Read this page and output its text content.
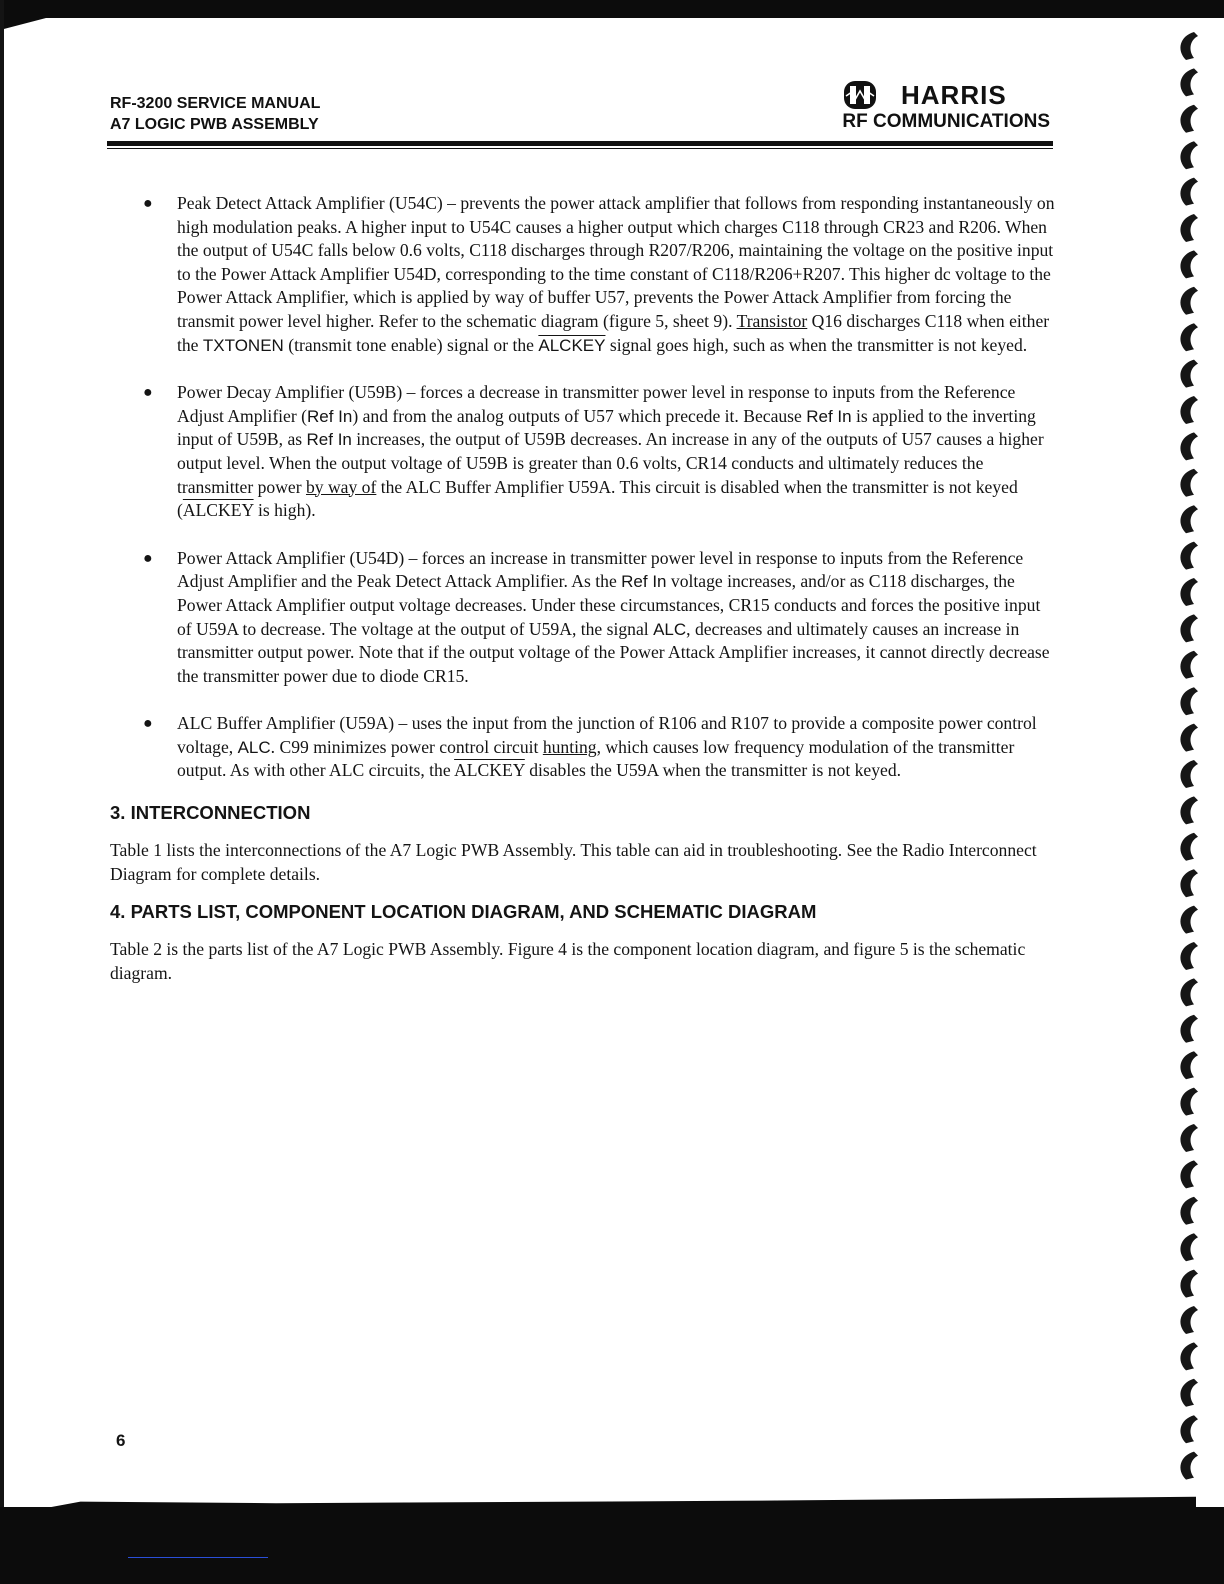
RF-3200 SERVICE MANUAL
A7 LOGIC PWB ASSEMBLY
HARRIS
RF COMMUNICATIONS
● Peak Detect Attack Amplifier (U54C) – prevents the power attack amplifier that follows from responding instantaneously on high modulation peaks. A higher input to U54C causes a higher output which charges C118 through CR23 and R206. When the output of U54C falls below 0.6 volts, C118 discharges through R207/R206, maintaining the voltage on the positive input to the Power Attack Amplifier U54D, corresponding to the time constant of C118/R206+R207. This higher dc voltage to the Power Attack Amplifier, which is applied by way of buffer U57, prevents the Power Attack Amplifier from forcing the transmit power level higher. Refer to the schematic diagram (figure 5, sheet 9). Transistor Q16 discharges C118 when either the TXTONEN (transmit tone enable) signal or the ALCKEY signal goes high, such as when the transmitter is not keyed.
● Power Decay Amplifier (U59B) – forces a decrease in transmitter power level in response to inputs from the Reference Adjust Amplifier (Ref In) and from the analog outputs of U57 which precede it. Because Ref In is applied to the inverting input of U59B, as Ref In increases, the output of U59B decreases. An increase in any of the outputs of U57 causes a higher output level. When the output voltage of U59B is greater than 0.6 volts, CR14 conducts and ultimately reduces the transmitter power by way of the ALC Buffer Amplifier U59A. This circuit is disabled when the transmitter is not keyed (ALCKEY is high).
● Power Attack Amplifier (U54D) – forces an increase in transmitter power level in response to inputs from the Reference Adjust Amplifier and the Peak Detect Attack Amplifier. As the Ref In voltage increases, and/or as C118 discharges, the Power Attack Amplifier output voltage decreases. Under these circumstances, CR15 conducts and forces the positive input of U59A to decrease. The voltage at the output of U59A, the signal ALC, decreases and ultimately causes an increase in transmitter output power. Note that if the output voltage of the Power Attack Amplifier increases, it cannot directly decrease the transmitter power due to diode CR15.
● ALC Buffer Amplifier (U59A) – uses the input from the junction of R106 and R107 to provide a composite power control voltage, ALC. C99 minimizes power control circuit hunting, which causes low frequency modulation of the transmitter output. As with other ALC circuits, the ALCKEY disables the U59A when the transmitter is not keyed.
3. INTERCONNECTION

Table 1 lists the interconnections of the A7 Logic PWB Assembly. This table can aid in troubleshooting. See the Radio Interconnect Diagram for complete details.

4. PARTS LIST, COMPONENT LOCATION DIAGRAM, AND SCHEMATIC DIAGRAM

Table 2 is the parts list of the A7 Logic PWB Assembly. Figure 4 is the component location diagram, and figure 5 is the schematic diagram.

6
